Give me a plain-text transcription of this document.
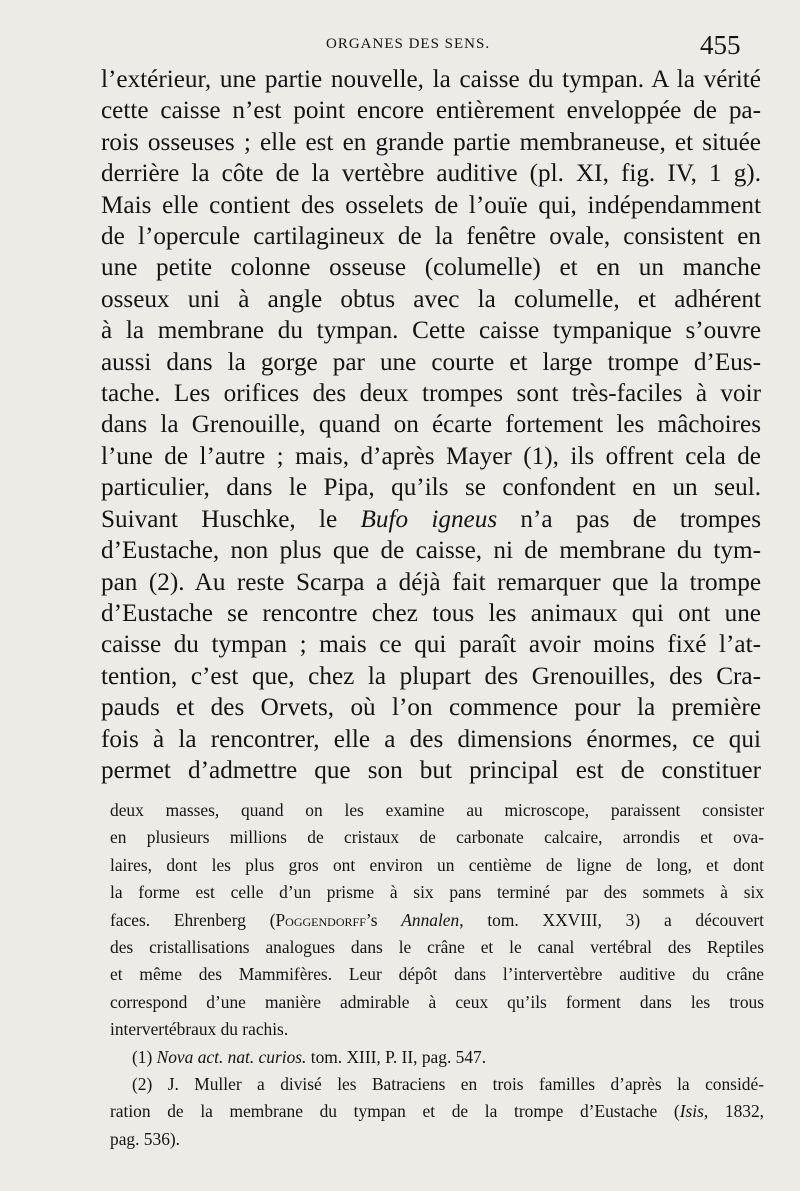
ORGANES DES SENS.	455
l’extérieur, une partie nouvelle, la caisse du tympan. A la vérité
cette caisse n’est point encore entièrement enveloppée de pa-
rois osseuses ; elle est en grande partie membraneuse, et située
derrière la côte de la vertèbre auditive (pl. XI, fig. IV, 1 g).
Mais elle contient des osselets de l’ouïe qui, indépendamment
de l’opercule cartilagineux de la fenêtre ovale, consistent en
une petite colonne osseuse (columelle) et en un manche
osseux uni à angle obtus avec la columelle, et adhérent
à la membrane du tympan. Cette caisse tympanique s’ouvre
aussi dans la gorge par une courte et large trompe d’Eus-
tache. Les orifices des deux trompes sont très-faciles à voir
dans la Grenouille, quand on écarte fortement les mâchoires
l’une de l’autre ; mais, d’après Mayer (1), ils offrent cela de
particulier, dans le Pipa, qu’ils se confondent en un seul.
Suivant Huschke, le Bufo igneus n’a pas de trompes
d’Eustache, non plus que de caisse, ni de membrane du tym-
pan (2). Au reste Scarpa a déjà fait remarquer que la trompe
d’Eustache se rencontre chez tous les animaux qui ont une
caisse du tympan ; mais ce qui paraît avoir moins fixé l’at-
tention, c’est que, chez la plupart des Grenouilles, des Cra-
pauds et des Orvets, où l’on commence pour la première
fois à la rencontrer, elle a des dimensions énormes, ce qui
permet d’admettre que son but principal est de constituer
deux masses, quand on les examine au microscope, paraissent consister
en plusieurs millions de cristaux de carbonate calcaire, arrondis et ova-
laires, dont les plus gros ont environ un centième de ligne de long, et dont
la forme est celle d’un prisme à six pans terminé par des sommets à six
faces. Ehrenberg (Poggendorff’s Annalen, tom. XXVIII, 3) a découvert
des cristallisations analogues dans le crâne et le canal vertébral des Reptiles
et même des Mammifères. Leur dépôt dans l’intervertèbre auditive du crâne
correspond d’une manière admirable à ceux qu’ils forment dans les trous
intervertébraux du rachis.
(1) Nova act. nat. curios. tom. XIII, P. II, pag. 547.
(2) J. Muller a divisé les Batraciens en trois familles d’après la considé-
ration de la membrane du tympan et de la trompe d’Eustache (Isis, 1832,
pag. 536).
